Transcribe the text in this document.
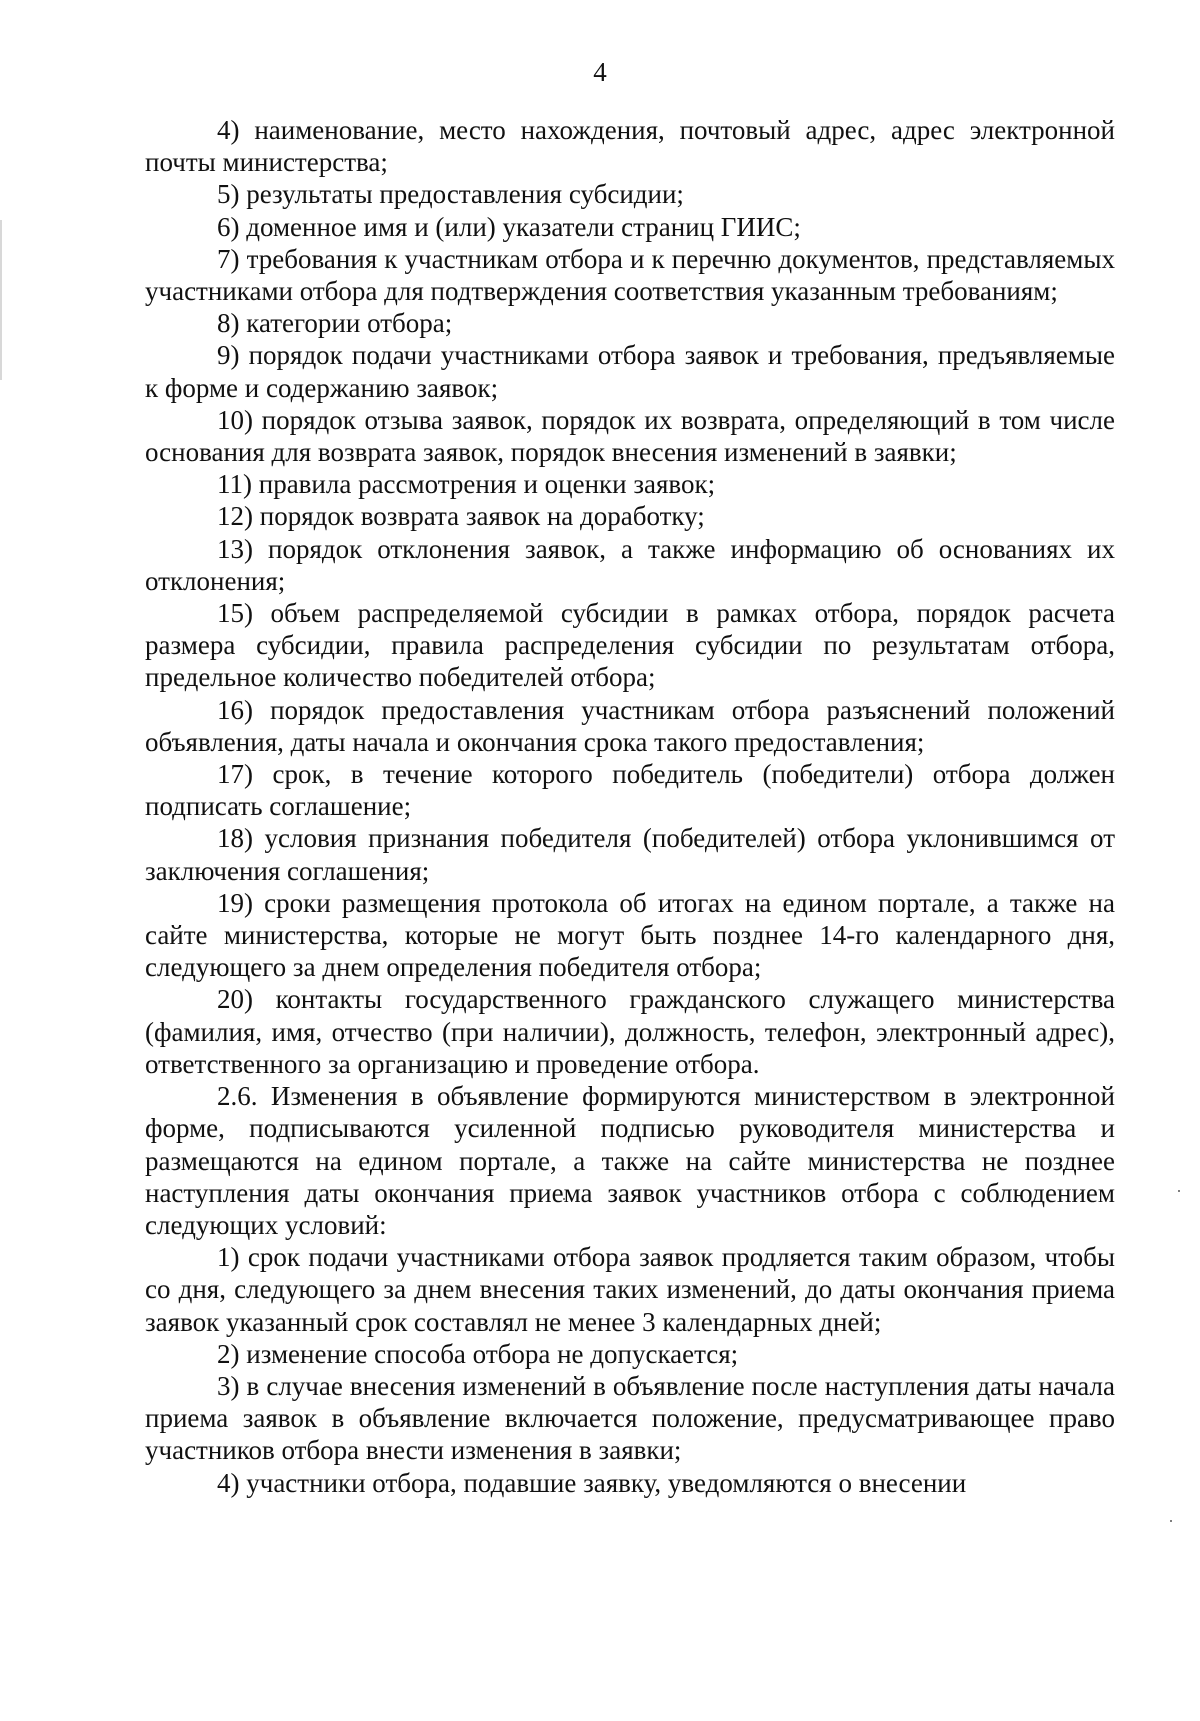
4

4) наименование, место нахождения, почтовый адрес, адрес электронной почты министерства;

5) результаты предоставления субсидии;

6) доменное имя и (или) указатели страниц ГИИС;

7) требования к участникам отбора и к перечню документов, представляемых участниками отбора для подтверждения соответствия указанным требованиям;

8) категории отбора;

9) порядок подачи участниками отбора заявок и требования, предъявляемые к форме и содержанию заявок;

10) порядок отзыва заявок, порядок их возврата, определяющий в том числе основания для возврата заявок, порядок внесения изменений в заявки;

11) правила рассмотрения и оценки заявок;

12) порядок возврата заявок на доработку;

13) порядок отклонения заявок, а также информацию об основаниях их отклонения;

15) объем распределяемой субсидии в рамках отбора, порядок расчета размера субсидии, правила распределения субсидии по результатам отбора, предельное количество победителей отбора;

16) порядок предоставления участникам отбора разъяснений положений объявления, даты начала и окончания срока такого предоставления;

17) срок, в течение которого победитель (победители) отбора должен подписать соглашение;

18) условия признания победителя (победителей) отбора уклонившимся от заключения соглашения;

19) сроки размещения протокола об итогах на едином портале, а также на сайте министерства, которые не могут быть позднее 14-го календарного дня, следующего за днем определения победителя отбора;

20) контакты государственного гражданского служащего министерства (фамилия, имя, отчество (при наличии), должность, телефон, электронный адрес), ответственного за организацию и проведение отбора.

2.6. Изменения в объявление формируются министерством в электронной форме, подписываются усиленной подписью руководителя министерства и размещаются на едином портале, а также на сайте министерства не позднее наступления даты окончания приема заявок участников отбора с соблюдением следующих условий:

1) срок подачи участниками отбора заявок продляется таким образом, чтобы со дня, следующего за днем внесения таких изменений, до даты окончания приема заявок указанный срок составлял не менее 3 календарных дней;

2) изменение способа отбора не допускается;

3) в случае внесения изменений в объявление после наступления даты начала приема заявок в объявление включается положение, предусматривающее право участников отбора внести изменения в заявки;

4) участники отбора, подавшие заявку, уведомляются о внесении
